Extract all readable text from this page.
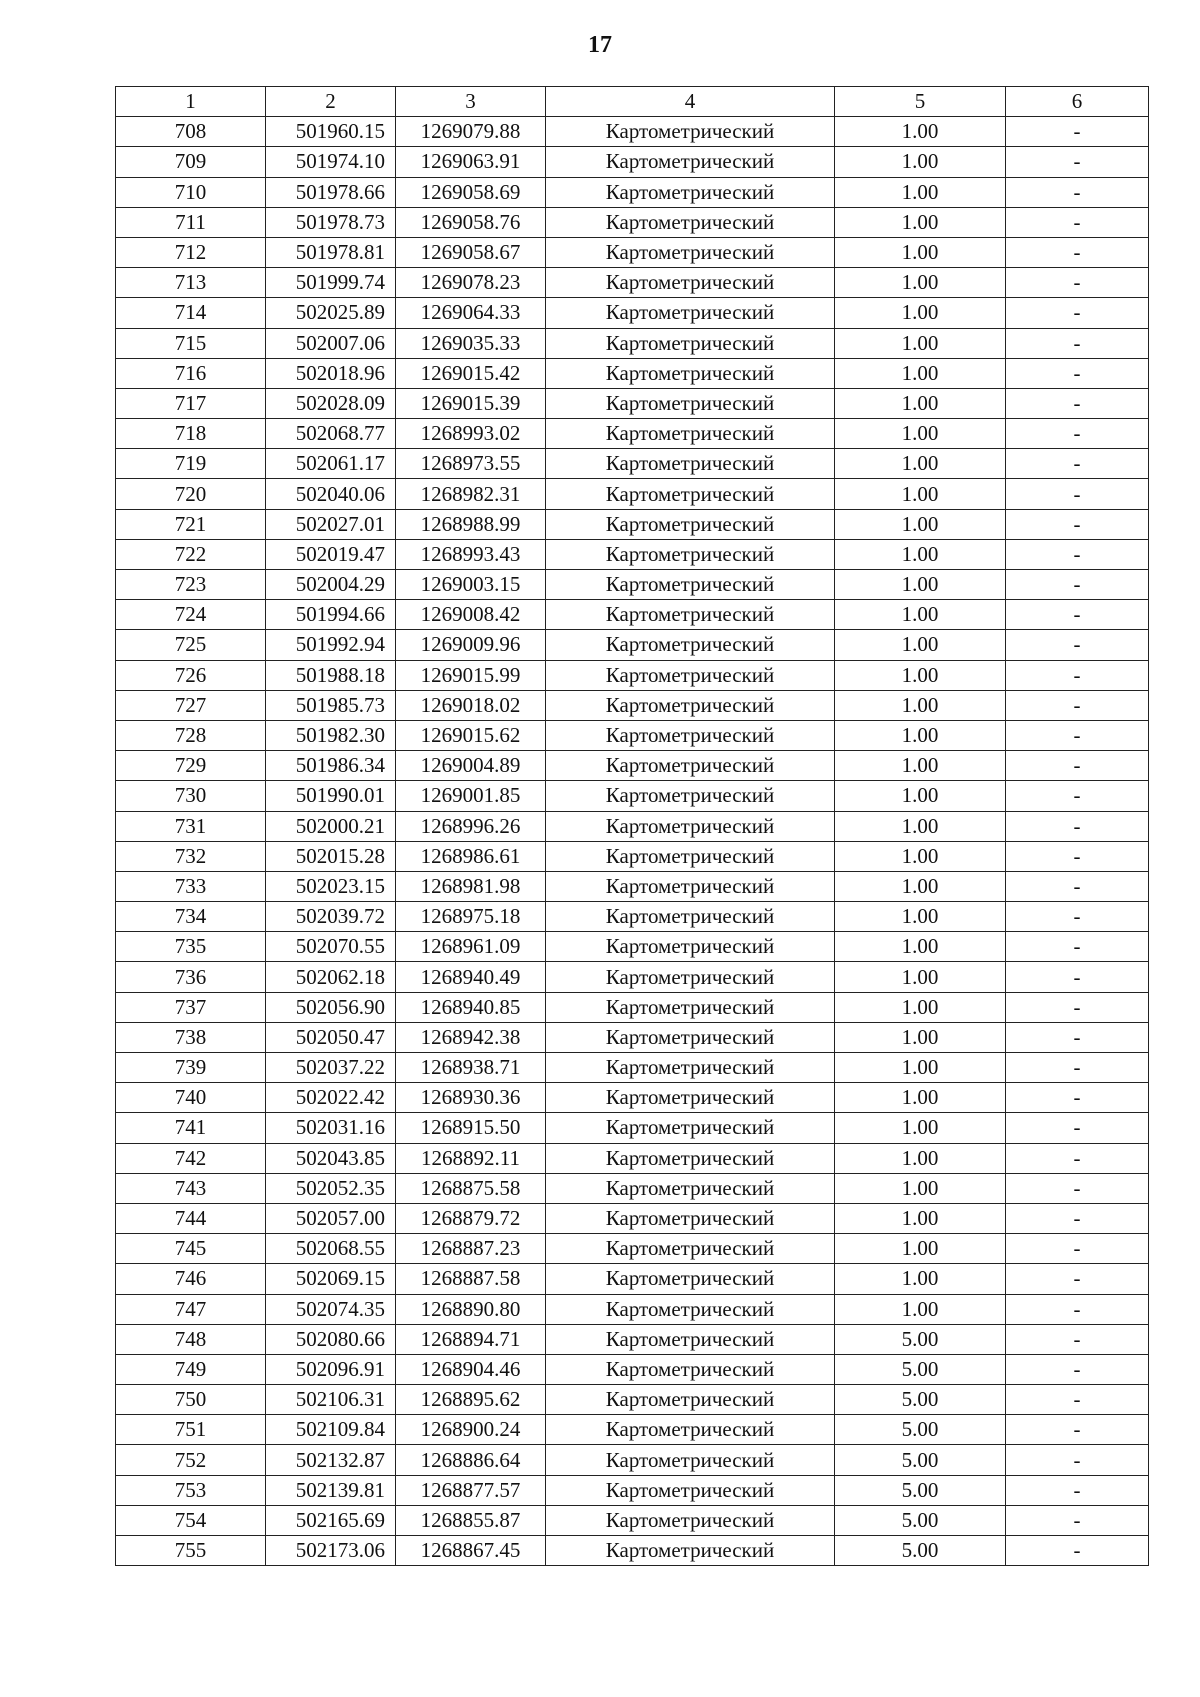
17
1	2	3	4	5	6
708	501960.15	1269079.88	Картометрический	1.00	-
709	501974.10	1269063.91	Картометрический	1.00	-
710	501978.66	1269058.69	Картометрический	1.00	-
711	501978.73	1269058.76	Картометрический	1.00	-
712	501978.81	1269058.67	Картометрический	1.00	-
713	501999.74	1269078.23	Картометрический	1.00	-
714	502025.89	1269064.33	Картометрический	1.00	-
715	502007.06	1269035.33	Картометрический	1.00	-
716	502018.96	1269015.42	Картометрический	1.00	-
717	502028.09	1269015.39	Картометрический	1.00	-
718	502068.77	1268993.02	Картометрический	1.00	-
719	502061.17	1268973.55	Картометрический	1.00	-
720	502040.06	1268982.31	Картометрический	1.00	-
721	502027.01	1268988.99	Картометрический	1.00	-
722	502019.47	1268993.43	Картометрический	1.00	-
723	502004.29	1269003.15	Картометрический	1.00	-
724	501994.66	1269008.42	Картометрический	1.00	-
725	501992.94	1269009.96	Картометрический	1.00	-
726	501988.18	1269015.99	Картометрический	1.00	-
727	501985.73	1269018.02	Картометрический	1.00	-
728	501982.30	1269015.62	Картометрический	1.00	-
729	501986.34	1269004.89	Картометрический	1.00	-
730	501990.01	1269001.85	Картометрический	1.00	-
731	502000.21	1268996.26	Картометрический	1.00	-
732	502015.28	1268986.61	Картометрический	1.00	-
733	502023.15	1268981.98	Картометрический	1.00	-
734	502039.72	1268975.18	Картометрический	1.00	-
735	502070.55	1268961.09	Картометрический	1.00	-
736	502062.18	1268940.49	Картометрический	1.00	-
737	502056.90	1268940.85	Картометрический	1.00	-
738	502050.47	1268942.38	Картометрический	1.00	-
739	502037.22	1268938.71	Картометрический	1.00	-
740	502022.42	1268930.36	Картометрический	1.00	-
741	502031.16	1268915.50	Картометрический	1.00	-
742	502043.85	1268892.11	Картометрический	1.00	-
743	502052.35	1268875.58	Картометрический	1.00	-
744	502057.00	1268879.72	Картометрический	1.00	-
745	502068.55	1268887.23	Картометрический	1.00	-
746	502069.15	1268887.58	Картометрический	1.00	-
747	502074.35	1268890.80	Картометрический	1.00	-
748	502080.66	1268894.71	Картометрический	5.00	-
749	502096.91	1268904.46	Картометрический	5.00	-
750	502106.31	1268895.62	Картометрический	5.00	-
751	502109.84	1268900.24	Картометрический	5.00	-
752	502132.87	1268886.64	Картометрический	5.00	-
753	502139.81	1268877.57	Картометрический	5.00	-
754	502165.69	1268855.87	Картометрический	5.00	-
755	502173.06	1268867.45	Картометрический	5.00	-
